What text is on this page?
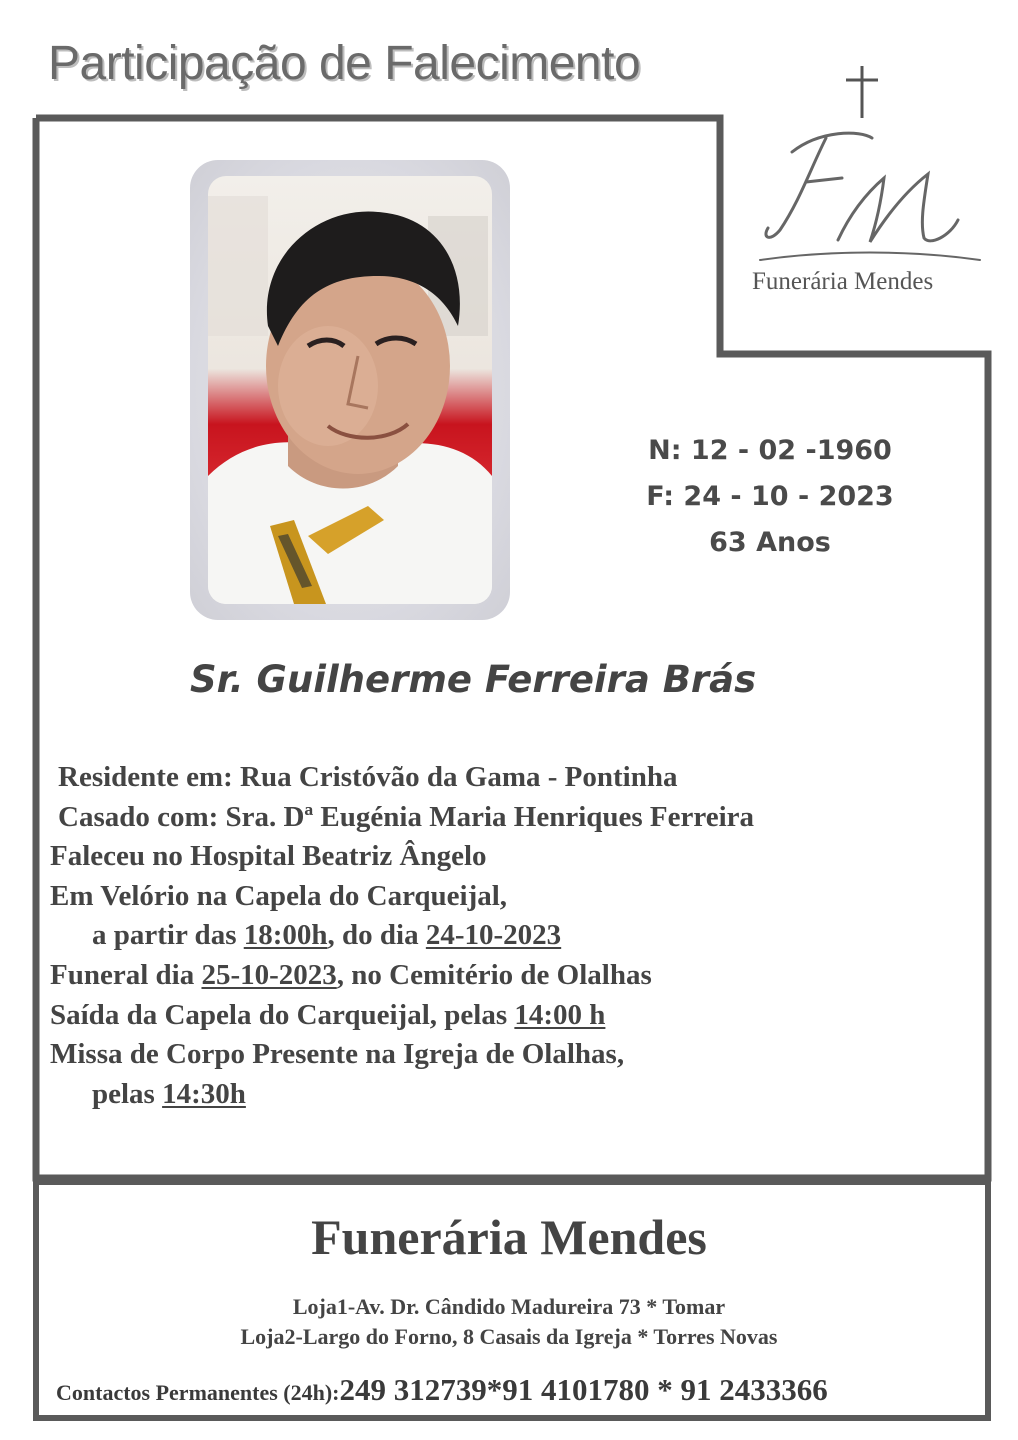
Participação de Falecimento
Funerária Mendes
N: 12 - 02 -1960
F: 24 - 10 - 2023
63 Anos
Sr. Guilherme Ferreira Brás
Residente em: Rua Cristóvão da Gama - Pontinha
Casado com: Sra. Dª Eugénia Maria Henriques Ferreira
Faleceu no Hospital Beatriz Ângelo
Em Velório na Capela do Carqueijal,
a partir das 18:00h, do dia 24-10-2023
Funeral dia 25-10-2023, no Cemitério de Olalhas
Saída da Capela do Carqueijal, pelas 14:00 h
Missa de Corpo Presente na Igreja de Olalhas,
pelas 14:30h
Funerária Mendes
Loja1-Av. Dr. Cândido Madureira 73 * Tomar
Loja2-Largo do Forno, 8 Casais da Igreja * Torres Novas
Contactos Permanentes (24h):249 312739*91 4101780 * 91 2433366
